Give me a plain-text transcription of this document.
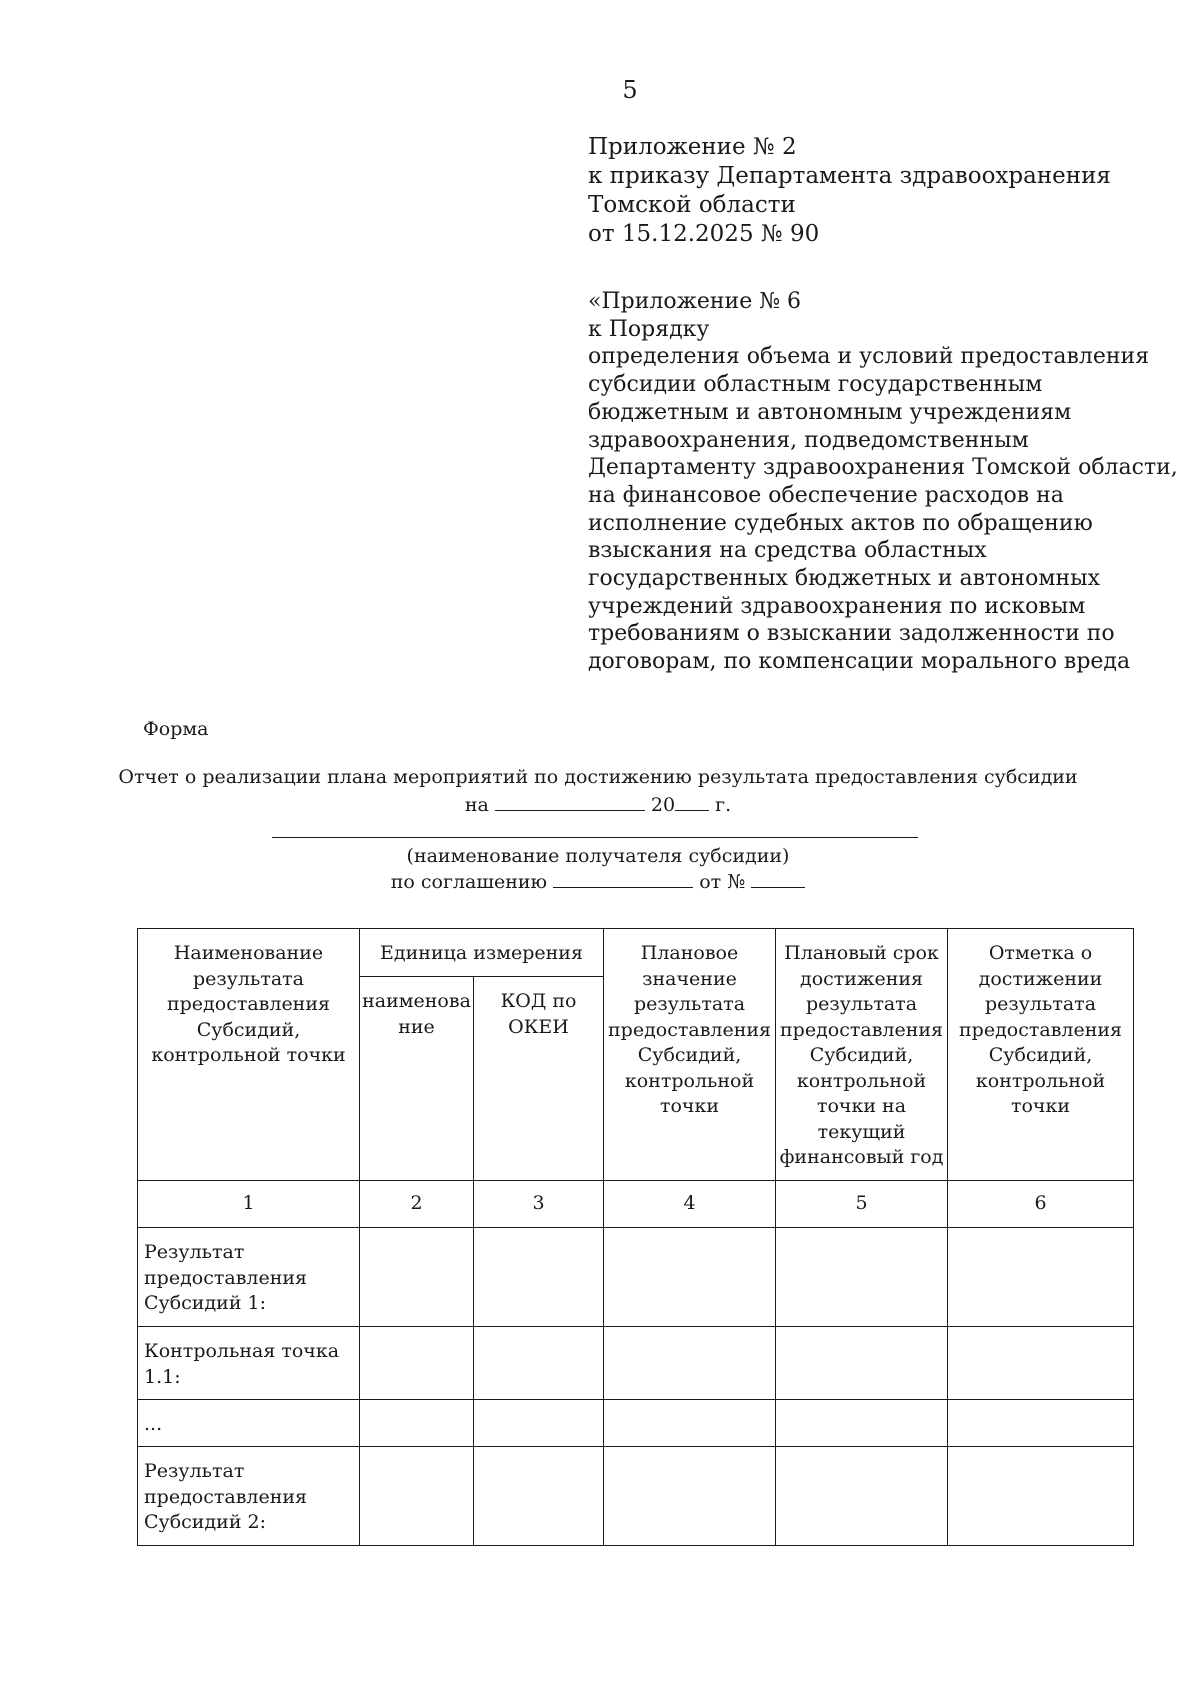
5
Приложение № 2
к приказу Департамента здравоохранения
Томской области
от 15.12.2025 № 90
«Приложение № 6
к Порядку
определения объема и условий предоставления
субсидии областным государственным
бюджетным и автономным учреждениям
здравоохранения, подведомственным
Департаменту здравоохранения Томской области,
на финансовое обеспечение расходов на
исполнение судебных актов по обращению
взыскания на средства областных
государственных бюджетных и автономных
учреждений здравоохранения по исковым
требованиям о взыскании задолженности по
договорам, по компенсации морального вреда
Форма
Отчет о реализации плана мероприятий по достижению результата предоставления субсидии
на	20 г.
(наименование получателя субсидии)
по соглашению	от №
Наименование результата предоставления Субсидий, контрольной точки	Единица измерения		Плановое значение результата предоставления Субсидий, контрольной точки	Плановый срок достижения результата предоставления Субсидий, контрольной точки на текущий финансовый год	Отметка о достижении результата предоставления Субсидий, контрольной точки
	наименова ние	КОД по ОКЕИ			
1	2	3	4	5	6
Результат предоставления Субсидий 1:					
Контрольная точка 1.1:					
...					
Результат предоставления Субсидий 2:					
